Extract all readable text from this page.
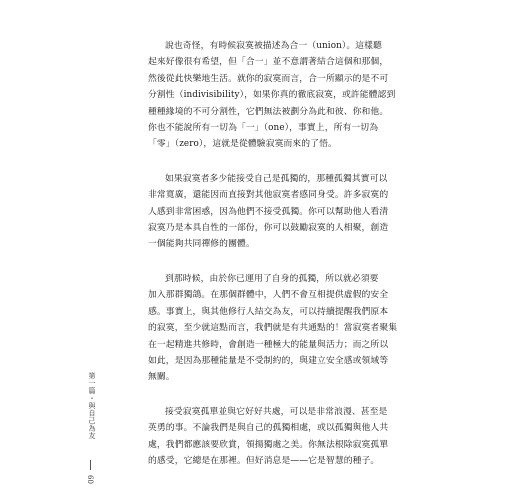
說也奇怪，有時候寂寞被描述為合一（union）。這樣聽
起來好像很有希望，但「合一」並不意謂著結合這個和那個，
然後從此快樂地生活。就你的寂寞而言，合一所顯示的是不可
分割性（indivisibility），如果你真的徹底寂寞，或許能體認到
種種緣境的不可分割性，它們無法被劃分為此和彼、你和他。
你也不能說所有一切為「一」（one），事實上，所有一切為
「零」（zero），這就是從體驗寂寞而來的了悟。

如果寂寞者多少能接受自己是孤獨的，那種孤獨其實可以
非常寬廣，還能因而直接對其他寂寞者感同身受。許多寂寞的
人感到非常困惑，因為他們不接受孤獨。你可以幫助他人看清
寂寞乃是本具自性的一部份，你可以鼓勵寂寞的人相聚，創造
一個能夠共同禪修的團體。

到那時候，由於你已運用了自身的孤獨，所以就必須要
加入那群獨鴿。在那個群體中，人們不會互相提供虛假的安全
感。事實上，與其他修行人結交為友，可以持續提醒我們原本
的寂寞，至少就這點而言，我們就是有共通點的！當寂寞者聚集
在一起精進共修時，會創造一種極大的能量與活力；而之所以
如此，是因為那種能量是不受制約的，與建立安全感或領域等
無關。

接受寂寞孤單並與它好好共處，可以是非常浪漫、甚至是
英勇的事。不論我們是與自己的孤獨相處，或以孤獨與他人共
處，我們都應該要欣賞，領揚獨處之美。你無法根除寂寞孤單
的感受，它總是在那裡。但好消息是——它是智慧的種子。

第一篇・與自己為友
60
